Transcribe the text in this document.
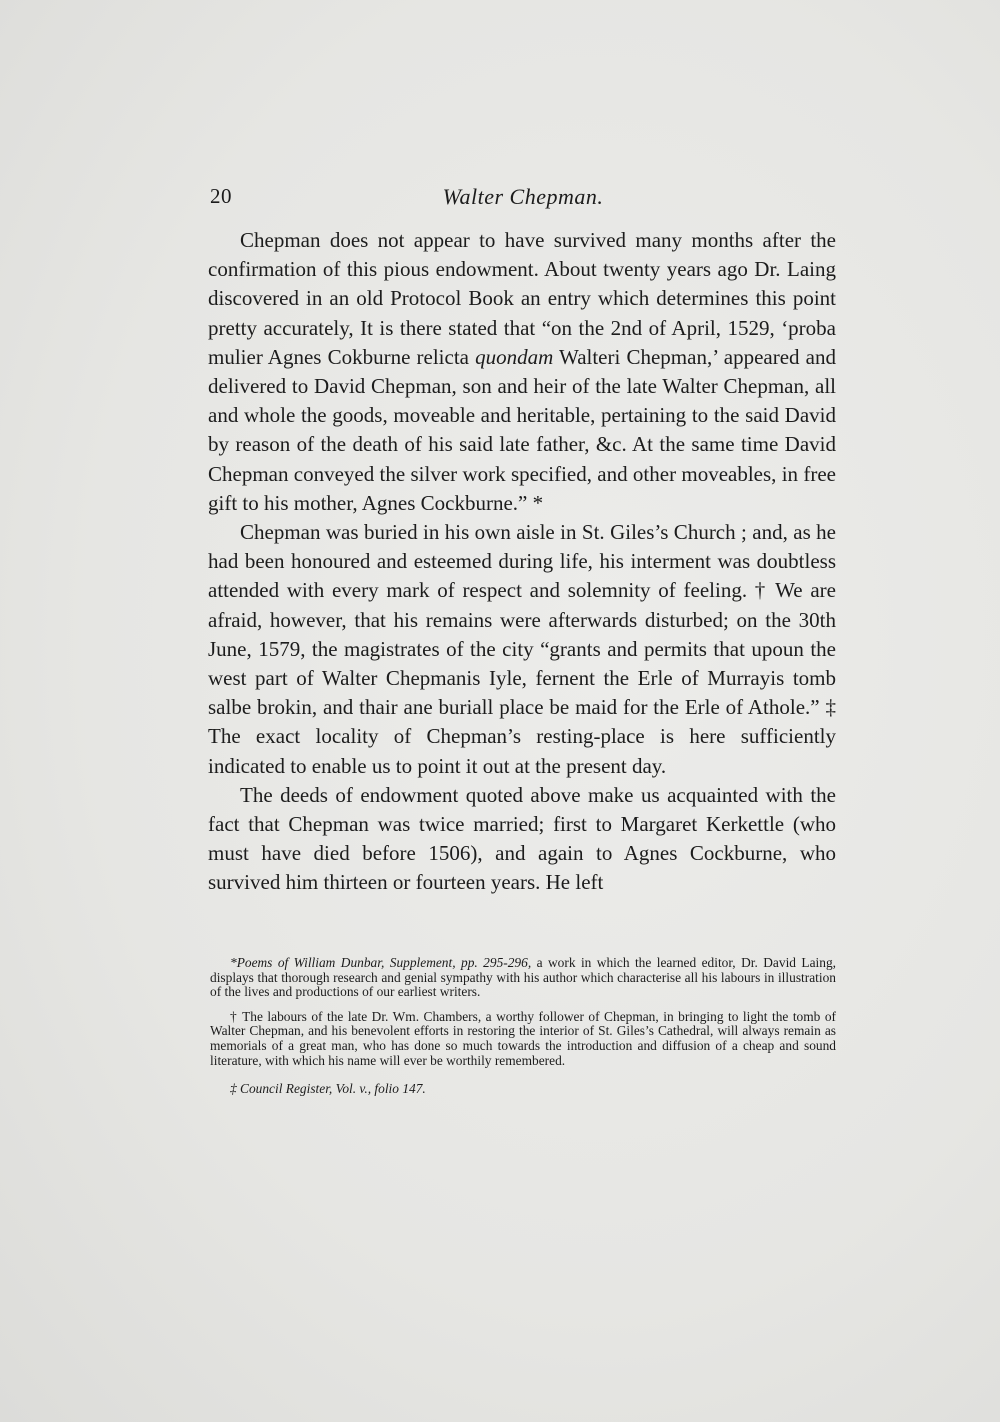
20	Walter Chepman.

Chepman does not appear to have survived many months after the confirmation of this pious endowment. About twenty years ago Dr. Laing discovered in an old Protocol Book an entry which determines this point pretty accurately, It is there stated that “on the 2nd of April, 1529, ‘proba mulier Agnes Cokburne relicta quondam Walteri Chepman,’ appeared and delivered to David Chepman, son and heir of the late Walter Chepman, all and whole the goods, moveable and heritable, pertaining to the said David by reason of the death of his said late father, &c. At the same time David Chepman conveyed the silver work specified, and other moveables, in free gift to his mother, Agnes Cockburne.” *

Chepman was buried in his own aisle in St. Giles’s Church ; and, as he had been honoured and esteemed during life, his interment was doubtless attended with every mark of respect and solemnity of feeling. † We are afraid, however, that his remains were afterwards disturbed; on the 30th June, 1579, the magistrates of the city “grants and permits that upoun the west part of Walter Chepmanis Iyle, fernent the Erle of Murrayis tomb salbe brokin, and thair ane buriall place be maid for the Erle of Athole.” ‡ The exact locality of Chepman’s resting-place is here sufficiently indicated to enable us to point it out at the present day.

The deeds of endowment quoted above make us acquainted with the fact that Chepman was twice married; first to Margaret Kerkettle (who must have died before 1506), and again to Agnes Cockburne, who survived him thirteen or fourteen years. He left

*Poems of William Dunbar, Supplement, pp. 295-296, a work in which the learned editor, Dr. David Laing, displays that thorough research and genial sympathy with his author which characterise all his labours in illustration of the lives and productions of our earliest writers.

† The labours of the late Dr. Wm. Chambers, a worthy follower of Chepman, in bringing to light the tomb of Walter Chepman, and his benevolent efforts in restoring the interior of St. Giles’s Cathedral, will always remain as memorials of a great man, who has done so much towards the introduction and diffusion of a cheap and sound literature, with which his name will ever be worthily remembered.

‡ Council Register, Vol. v., folio 147.
